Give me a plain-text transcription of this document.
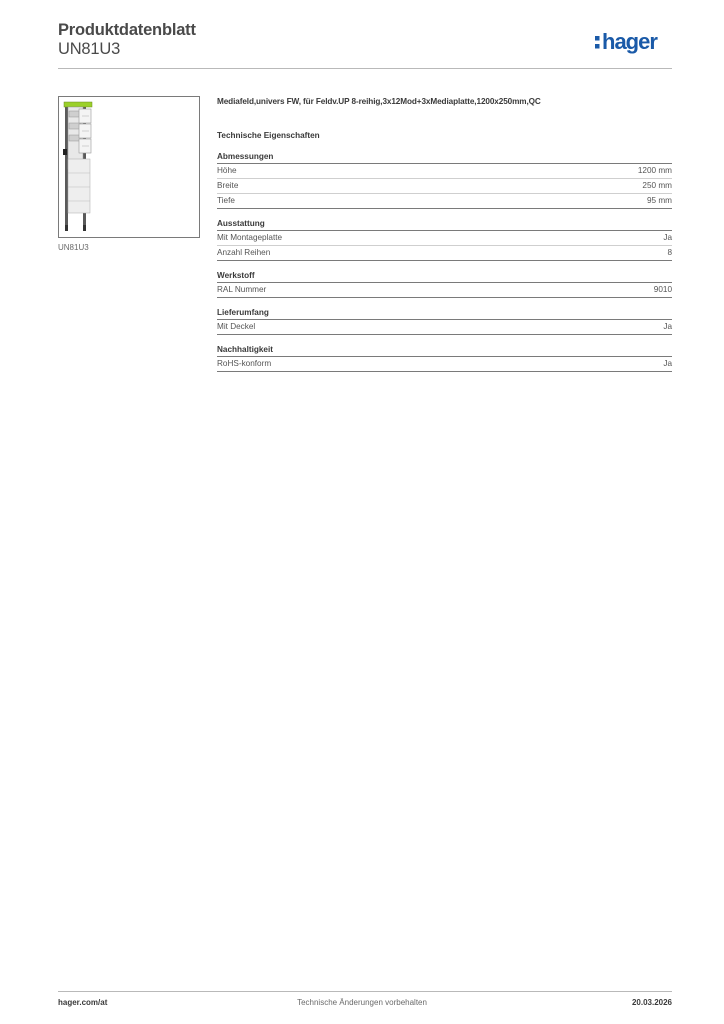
Produktdatenblatt
UN81U3	hager
UN81U3
Mediafeld,univers FW, für Feldv.UP 8-reihig,3x12Mod+3xMediaplatte,1200x250mm,QC
Technische Eigenschaften
Abmessungen
Höhe	1200 mm
Breite	250 mm
Tiefe	95 mm
Ausstattung
Mit Montageplatte	Ja
Anzahl Reihen	8
Werkstoff
RAL Nummer	9010
Lieferumfang
Mit Deckel	Ja
Nachhaltigkeit
RoHS-konform	Ja
Technische Änderungen vorbehalten
hager.com/at	20.03.2026
